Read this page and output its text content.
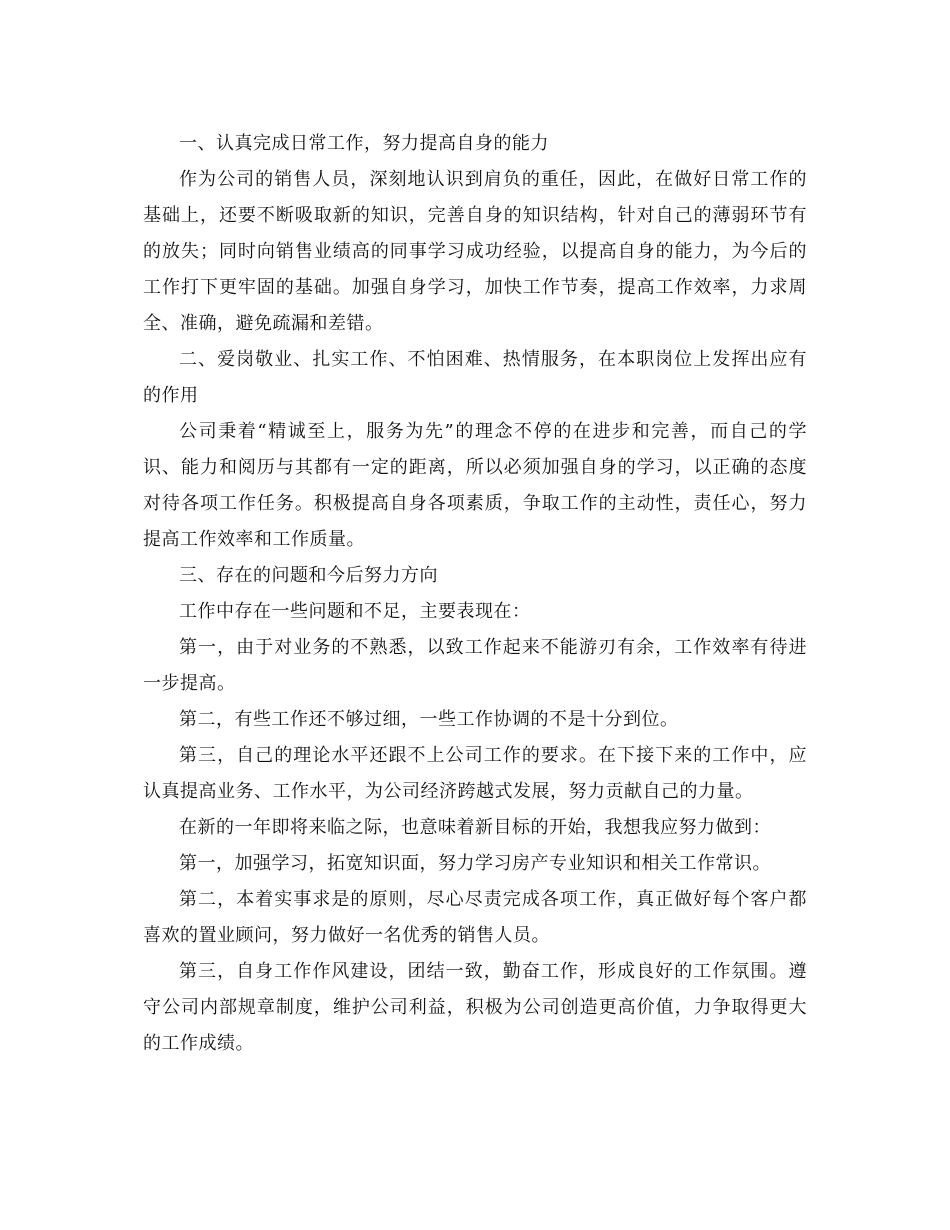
一、认真完成日常工作，努力提高自身的能力

作为公司的销售人员，深刻地认识到肩负的重任，因此，在做好日常工作的基础上，还要不断吸取新的知识，完善自身的知识结构，针对自己的薄弱环节有的放失；同时向销售业绩高的同事学习成功经验，以提高自身的能力，为今后的工作打下更牢固的基础。加强自身学习，加快工作节奏，提高工作效率，力求周全、准确，避免疏漏和差错。

二、爱岗敬业、扎实工作、不怕困难、热情服务，在本职岗位上发挥出应有的作用

公司秉着“精诚至上，服务为先”的理念不停的在进步和完善，而自己的学识、能力和阅历与其都有一定的距离，所以必须加强自身的学习，以正确的态度对待各项工作任务。积极提高自身各项素质，争取工作的主动性，责任心，努力提高工作效率和工作质量。

三、存在的问题和今后努力方向

工作中存在一些问题和不足，主要表现在：

第一，由于对业务的不熟悉，以致工作起来不能游刃有余，工作效率有待进一步提高。

第二，有些工作还不够过细，一些工作协调的不是十分到位。

第三，自己的理论水平还跟不上公司工作的要求。在下接下来的工作中，应认真提高业务、工作水平，为公司经济跨越式发展，努力贡献自己的力量。

在新的一年即将来临之际，也意味着新目标的开始，我想我应努力做到：

第一，加强学习，拓宽知识面，努力学习房产专业知识和相关工作常识。

第二，本着实事求是的原则，尽心尽责完成各项工作，真正做好每个客户都喜欢的置业顾问，努力做好一名优秀的销售人员。

第三，自身工作作风建设，团结一致，勤奋工作，形成良好的工作氛围。遵守公司内部规章制度，维护公司利益，积极为公司创造更高价值，力争取得更大的工作成绩。
